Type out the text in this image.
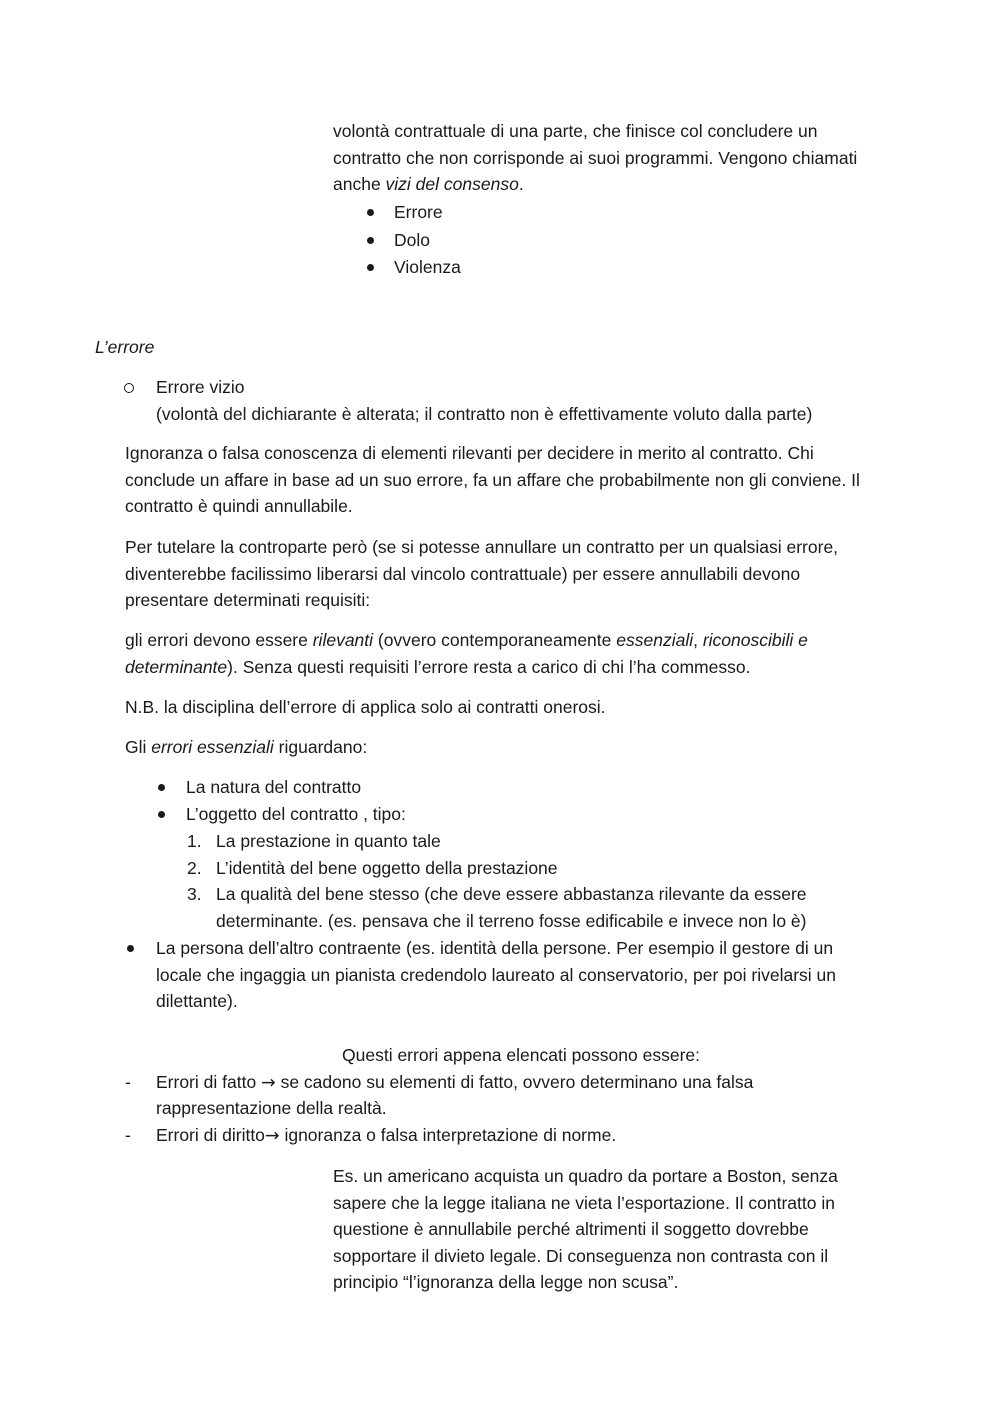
volontà contrattuale di una parte, che finisce col concludere un
contratto che non corrisponde ai suoi programmi. Vengono chiamati
anche vizi del consenso.
Errore
Dolo
Violenza
L’errore
Errore vizio
(volontà del dichiarante è alterata; il contratto non è effettivamente voluto dalla parte)
Ignoranza o falsa conoscenza di elementi rilevanti per decidere in merito al contratto. Chi
conclude un affare in base ad un suo errore, fa un affare che probabilmente non gli conviene. Il
contratto è quindi annullabile.
Per tutelare la controparte però (se si potesse annullare un contratto per un qualsiasi errore,
diventerebbe facilissimo liberarsi dal vincolo contrattuale) per essere annullabili devono
presentare determinati requisiti:
gli errori devono essere rilevanti (ovvero contemporaneamente essenziali, riconoscibili e
determinante). Senza questi requisiti l’errore resta a carico di chi l’ha commesso.
N.B. la disciplina dell’errore di applica solo ai contratti onerosi.
Gli errori essenziali riguardano:
La natura del contratto
L’oggetto del contratto , tipo:
1. La prestazione in quanto tale
2. L’identità del bene oggetto della prestazione
3. La qualità del bene stesso (che deve essere abbastanza rilevante da essere
determinante. (es. pensava che il terreno fosse edificabile e invece non lo è)
La persona dell’altro contraente (es. identità della persone. Per esempio il gestore di un
locale che ingaggia un pianista credendolo laureato al conservatorio, per poi rivelarsi un
dilettante).
Questi errori appena elencati possono essere:
- Errori di fatto → se cadono su elementi di fatto, ovvero determinano una falsa
rappresentazione della realtà.
- Errori di diritto→ ignoranza o falsa interpretazione di norme.
Es. un americano acquista un quadro da portare a Boston, senza
sapere che la legge italiana ne vieta l’esportazione. Il contratto in
questione è annullabile perché altrimenti il soggetto dovrebbe
sopportare il divieto legale. Di conseguenza non contrasta con il
principio “l’ignoranza della legge non scusa”.
